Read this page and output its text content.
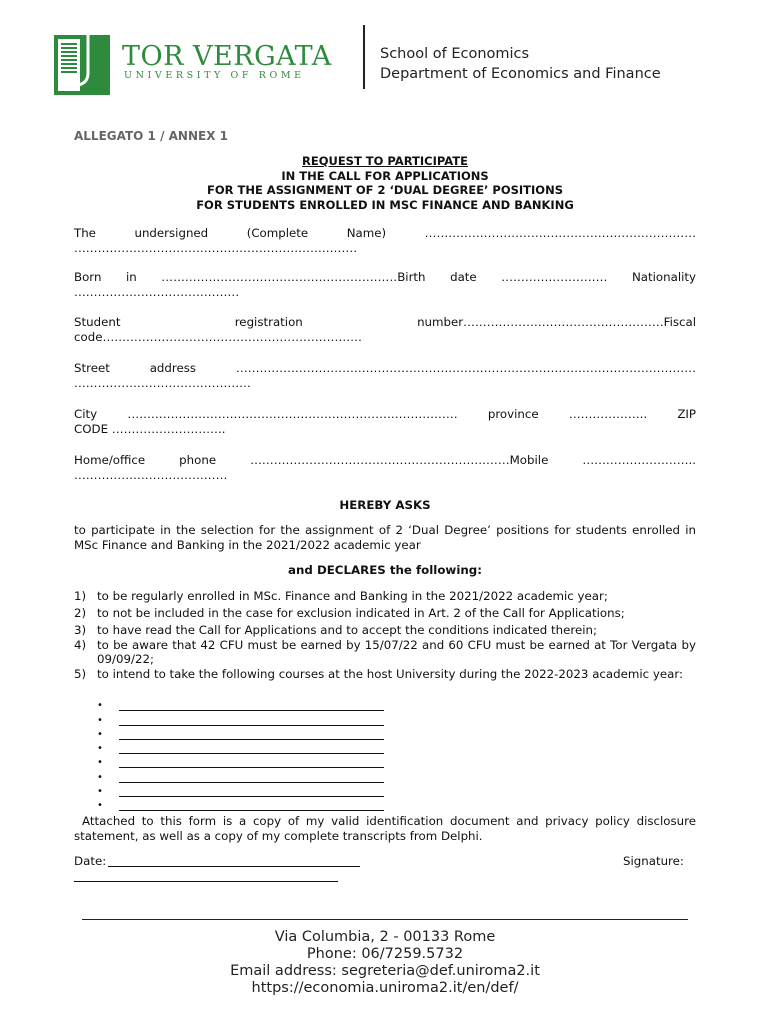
TOR VERGATA
UNIVERSITY OF ROME
School of Economics
Department of Economics and Finance
ALLEGATO 1 / ANNEX 1
REQUEST TO PARTICIPATE
IN THE CALL FOR APPLICATIONS
FOR THE ASSIGNMENT OF 2 ‘DUAL DEGREE’ POSITIONS
FOR STUDENTS ENROLLED IN MSC FINANCE AND BANKING
The undersigned (Complete Name) ……………………………………………………………
………………………………………………………………
Born in ……………………………………………………Birth date ……………………… Nationality
……………………………………
Student registration number……………………………………………Fiscal
code…………………………………………………………
Street address ………………………………………………………………………………………………………
………………………………………
City ………………………………………………………………………… province ……………….. ZIP
CODE ………………………..
Home/office phone …………………………………………………………Mobile ………………………..
…………………………………
HEREBY ASKS
to participate in the selection for the assignment of 2 ‘Dual Degree’ positions for students enrolled in MSc Finance and Banking in the 2021/2022 academic year
and DECLARES the following:
1) to be regularly enrolled in MSc. Finance and Banking in the 2021/2022 academic year;
2) to not be included in the case for exclusion indicated in Art. 2 of the Call for Applications;
3) to have read the Call for Applications and to accept the conditions indicated therein;
4) to be aware that 42 CFU must be earned by 15/07/22 and 60 CFU must be earned at Tor Vergata by 09/09/22;
5) to intend to take the following courses at the host University during the 2022-2023 academic year:
•
•
•
•
•
•
•
•
Attached to this form is a copy of my valid identification document and privacy policy disclosure statement, as well as a copy of my complete transcripts from Delphi.
Date:	Signature:
Via Columbia, 2 - 00133 Rome
Phone: 06/7259.5732
Email address: segreteria@def.uniroma2.it
https://economia.uniroma2.it/en/def/
